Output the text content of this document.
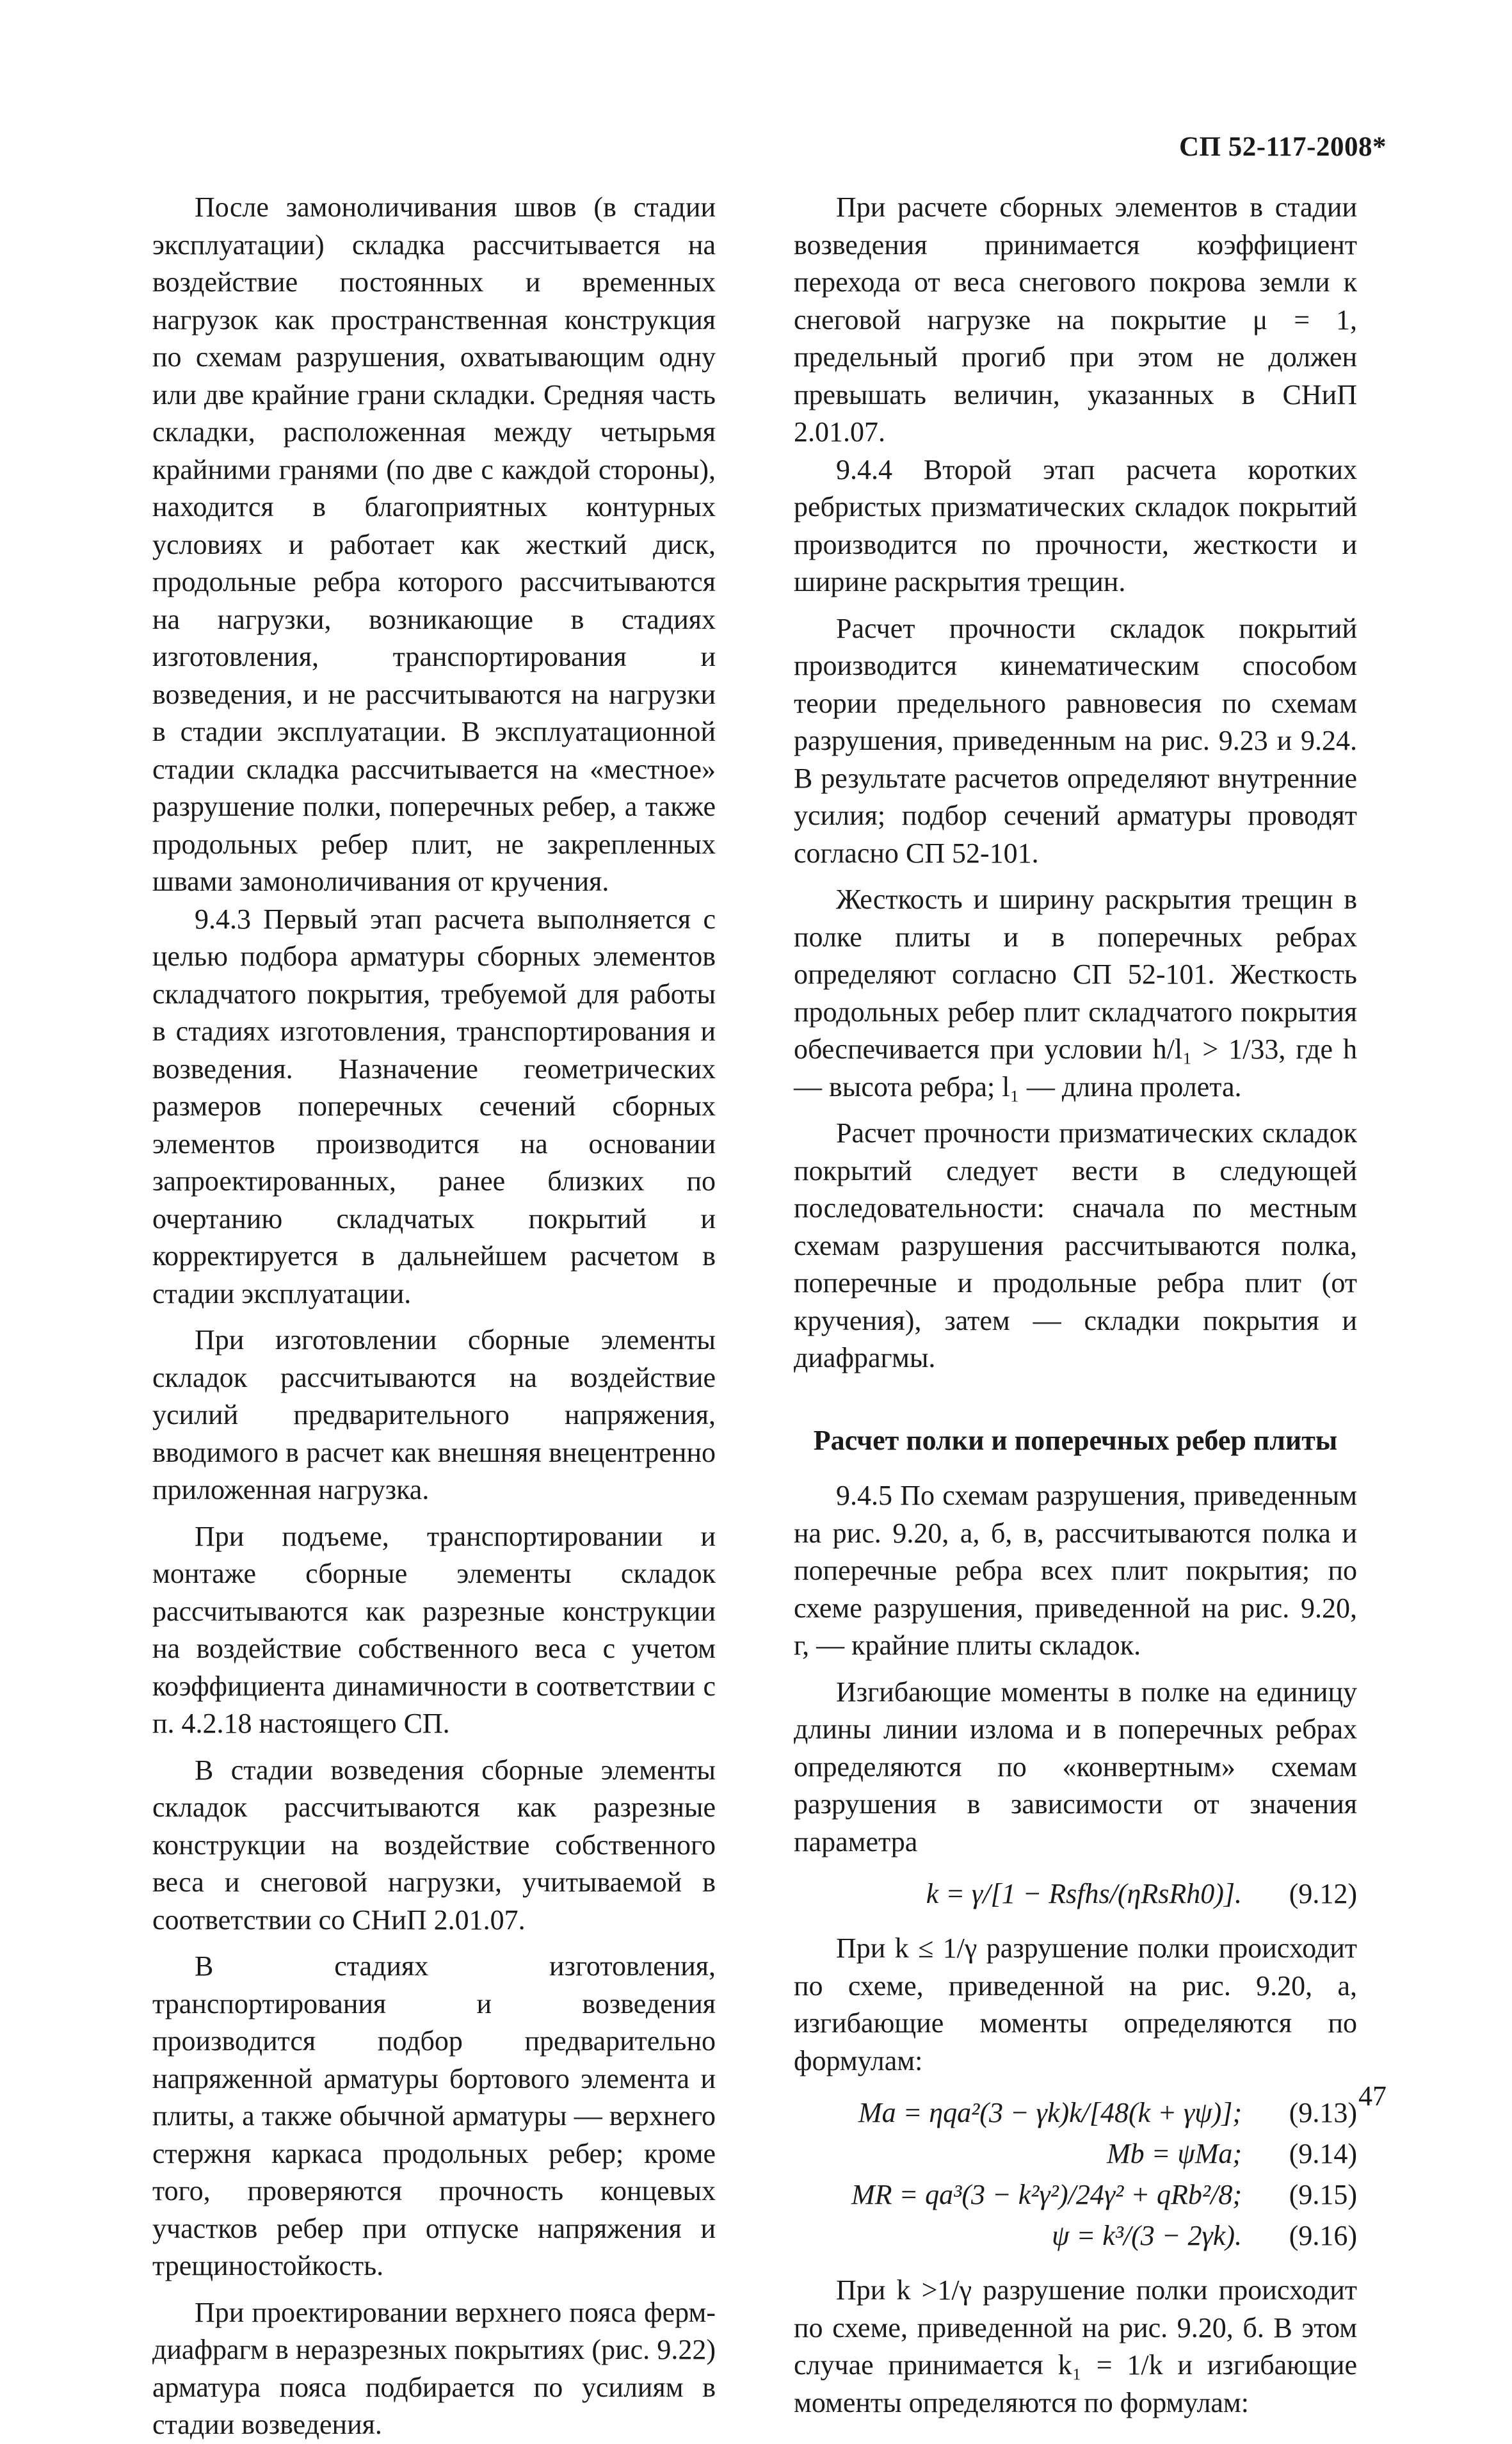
СП 52-117-2008*

После замоноличивания швов (в стадии эксплуатации) складка рассчитывается на воздействие постоянных и временных нагрузок как пространственная конструкция по схемам разрушения, охватывающим одну или две крайние грани складки. Средняя часть складки, расположенная между четырьмя крайними гранями (по две с каждой стороны), находится в благоприятных контурных условиях и работает как жесткий диск, продольные ребра которого рассчитываются на нагрузки, возникающие в стадиях изготовления, транспортирования и возведения, и не рассчитываются на нагрузки в стадии эксплуатации. В эксплуатационной стадии складка рассчитывается на «местное» разрушение полки, поперечных ребер, а также продольных ребер плит, не закрепленных швами замоноличивания от кручения.

9.4.3 Первый этап расчета выполняется с целью подбора арматуры сборных элементов складчатого покрытия, требуемой для работы в стадиях изготовления, транспортирования и возведения. Назначение геометрических размеров поперечных сечений сборных элементов производится на основании запроектированных, ранее близких по очертанию складчатых покрытий и корректируется в дальнейшем расчетом в стадии эксплуатации.

При изготовлении сборные элементы складок рассчитываются на воздействие усилий предварительного напряжения, вводимого в расчет как внешняя внецентренно приложенная нагрузка.

При подъеме, транспортировании и монтаже сборные элементы складок рассчитываются как разрезные конструкции на воздействие собственного веса с учетом коэффициента динамичности в соответствии с п. 4.2.18 настоящего СП.

В стадии возведения сборные элементы складок рассчитываются как разрезные конструкции на воздействие собственного веса и снеговой нагрузки, учитываемой в соответствии со СНиП 2.01.07.

В стадиях изготовления, транспортирования и возведения производится подбор предварительно напряженной арматуры бортового элемента и плиты, а также обычной арматуры — верхнего стержня каркаса продольных ребер; кроме того, проверяются прочность концевых участков ребер при отпуске напряжения и трещиностойкость.

При проектировании верхнего пояса ферм-диафрагм в неразрезных покрытиях (рис. 9.22) арматура пояса подбирается по усилиям в стадии возведения.

При расчете сборных элементов в стадии возведения принимается коэффициент перехода от веса снегового покрова земли к снеговой нагрузке на покрытие μ = 1, предельный прогиб при этом не должен превышать величин, указанных в СНиП 2.01.07.

9.4.4 Второй этап расчета коротких ребристых призматических складок покрытий производится по прочности, жесткости и ширине раскрытия трещин.

Расчет прочности складок покрытий производится кинематическим способом теории предельного равновесия по схемам разрушения, приведенным на рис. 9.23 и 9.24. В результате расчетов определяют внутренние усилия; подбор сечений арматуры проводят согласно СП 52-101.

Жесткость и ширину раскрытия трещин в полке плиты и в поперечных ребрах определяют согласно СП 52-101. Жесткость продольных ребер плит складчатого покрытия обеспечивается при условии h/l₁ > 1/33, где h — высота ребра; l₁ — длина пролета.

Расчет прочности призматических складок покрытий следует вести в следующей последовательности: сначала по местным схемам разрушения рассчитываются полка, поперечные и продольные ребра плит (от кручения), затем — складки покрытия и диафрагмы.

Расчет полки и поперечных ребер плиты

9.4.5 По схемам разрушения, приведенным на рис. 9.20, а, б, в, рассчитываются полка и поперечные ребра всех плит покрытия; по схеме разрушения, приведенной на рис. 9.20, г, — крайние плиты складок.

Изгибающие моменты в полке на единицу длины линии излома и в поперечных ребрах определяются по «конвертным» схемам разрушения в зависимости от значения параметра

k = γ/[1 − Rsfhs/(ηRsRh0)].	(9.12)

При k ≤ 1/γ разрушение полки происходит по схеме, приведенной на рис. 9.20, а, изгибающие моменты определяются по формулам:

Ma = ηqa²(3 − γk)k/[48(k + γψ)];	(9.13)
Mb = ψMa;	(9.14)
MR = qa³(3 − k²γ²)/24γ² + qRb²/8;	(9.15)
ψ = k³/(3 − 2γk).	(9.16)

При k >1/γ разрушение полки происходит по схеме, приведенной на рис. 9.20, б. В этом случае принимается k₁ = 1/k и изгибающие моменты определяются по формулам:

47
